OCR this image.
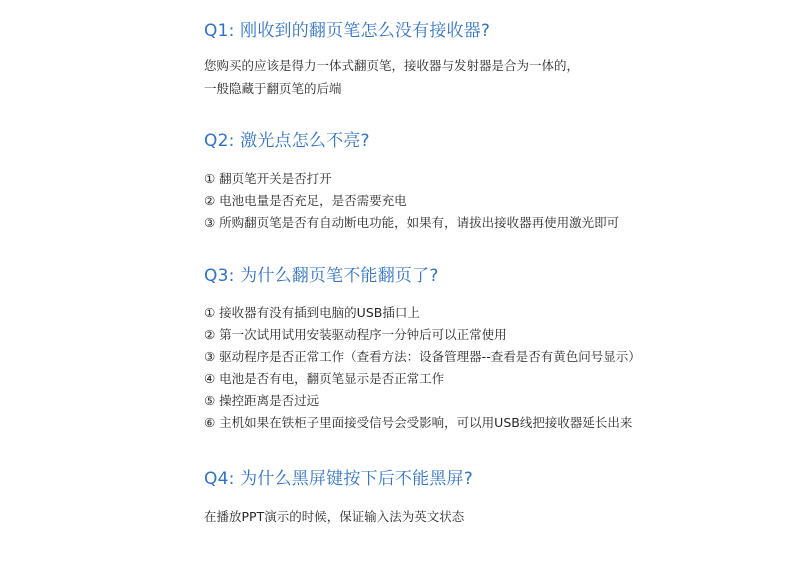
Q1: 刚收到的翻页笔怎么没有接收器?
您购买的应该是得力一体式翻页笔，接收器与发射器是合为一体的，
一般隐藏于翻页笔的后端
Q2: 激光点怎么不亮?
① 翻页笔开关是否打开
② 电池电量是否充足，是否需要充电
③ 所购翻页笔是否有自动断电功能，如果有，请拔出接收器再使用激光即可
Q3: 为什么翻页笔不能翻页了?
① 接收器有没有插到电脑的USB插口上
② 第一次试用试用安装驱动程序一分钟后可以正常使用
③ 驱动程序是否正常工作（查看方法：设备管理器--查看是否有黄色问号显示）
④ 电池是否有电，翻页笔显示是否正常工作
⑤ 操控距离是否过远
⑥ 主机如果在铁柜子里面接受信号会受影响，可以用USB线把接收器延长出来
Q4: 为什么黑屏键按下后不能黑屏?
在播放PPT演示的时候，保证输入法为英文状态
